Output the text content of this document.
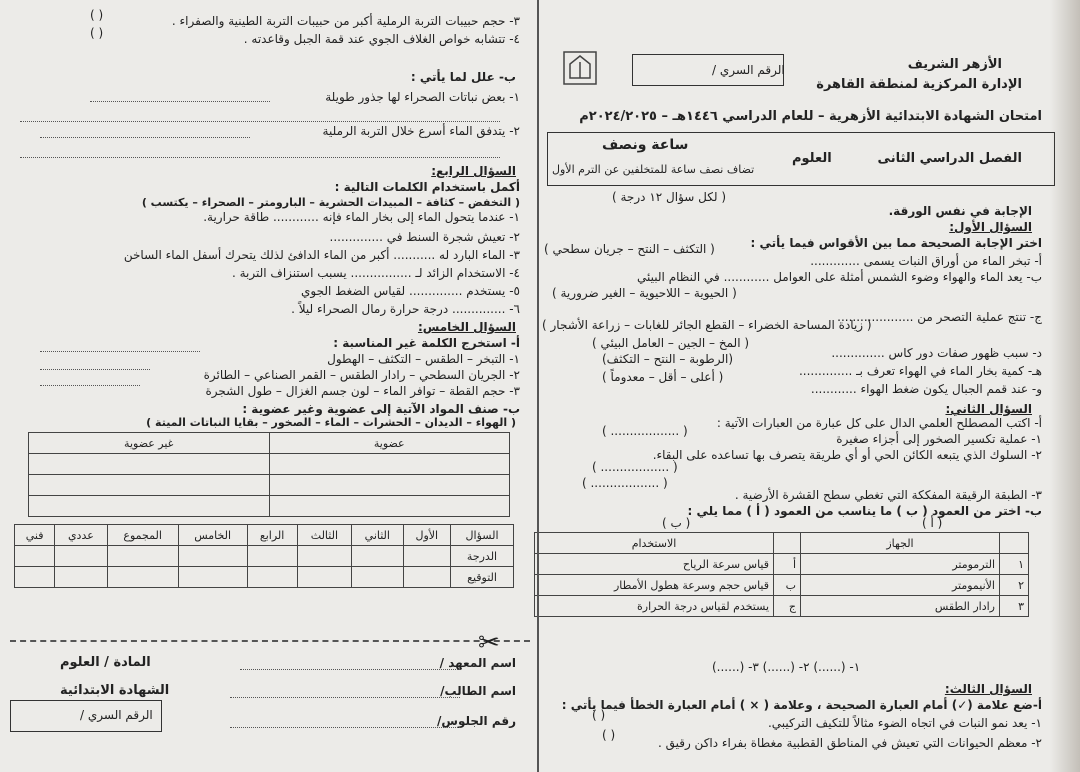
الأزهر الشريف
الإدارة المركزية لمنطقة القاهرة
الرقم السري /
امتحان الشهادة الابتدائية الأزهرية – للعام الدراسي ١٤٤٦هـ – ٢٠٢٤/٢٠٢٥م
الفصل الدراسي الثانى
العلوم
ساعة ونصف
تضاف نصف ساعة للمتخلفين عن الترم الأول
( لكل سؤال ١٢ درجة )
الإجابة في نفس الورقة.
السؤال الأول:
اختر الإجابة الصحيحة مما بين الأقواس فيما يأتي :
( التكثف – النتح – جريان سطحي )
أ- تبخر الماء من أوراق النبات يسمى .............
ب- يعد الماء والهواء وضوء الشمس أمثلة على العوامل ............ في النظام البيئي
( الحيوية – اللاحيوية – الغير ضرورية )
ج- تنتج عملية التصحر من ....................
( زيادة المساحة الخضراء – القطع الجائر للغابات – زراعة الأشجار )
( المخ – الجين – العامل البيئي )
د- سبب ظهور صفات دور كاس ..............
(الرطوبة – النتح – التكثف)
هـ- كمية بخار الماء في الهواء تعرف بـ ..............
( أعلى – أقل – معدوماً )
و- عند قمم الجبال يكون ضغط الهواء ............
السؤال الثاني:
أ- اكتب المصطلح العلمي الدال على كل عبارة من العبارات الآتية :
١- عملية تكسير الصخور إلى أجزاء صغيرة
( .................. )
٢- السلوك الذي يتبعه الكائن الحي أو أي طريقة يتصرف بها تساعده على البقاء.
( .................. )
( .................. )
٣- الطبقة الرقيقة المفككة التي تغطي سطح القشرة الأرضية .
ب- اختر من العمود ( ب ) ما يناسب من العمود ( أ ) مما يلي :
( ب )	( أ )
	الجهاز		الاستخدام
١	الترمومتر	أ	قياس سرعة الرياح
٢	الأنيمومتر	ب	قياس حجم وسرعة هطول الأمطار
٣	رادار الطقس	ج	يستخدم لقياس درجة الحرارة
١- (......) ٢- (......) ٣- (......)
السؤال الثالث:
أ-ضع علامة (✓) أمام العبارة الصحيحة ، وعلامة ( × ) أمام العبارة الخطأ فيما يأتي :
١- يعد نمو النبات في اتجاه الضوء مثالاً للتكيف التركيبي.
( )
٢- معظم الحيوانات التي تعيش في المناطق القطبية مغطاة بفراء داكن رقيق .
( )
٣- حجم حبيبات التربة الرملية أكبر من حبيبات التربة الطينية والصفراء .
( )
٤- تتشابه خواص الغلاف الجوي عند قمة الجبل وقاعدته .
( )
ب- علل لما يأتي :
١- بعض نباتات الصحراء لها جذور طويلة
٢- يتدفق الماء أسرع خلال التربة الرملية
السؤال الرابع:
أكمل باستخدام الكلمات التالية :
( التخفض – كثافة – المبيدات الحشرية – البارومتر – الصحراء – يكتسب )
١- عندما يتحول الماء إلى بخار الماء فإنه ............ طاقة حرارية.
٢- تعيش شجرة السنط في ..............
٣- الماء البارد له ........... أكبر من الماء الدافئ لذلك يتحرك أسفل الماء الساخن
٤- الاستخدام الزائد لـ ................ يسبب استنزاف التربة .
٥- يستخدم .............. لقياس الضغط الجوي
٦- .............. درجة حرارة رمال الصحراء ليلاً .
السؤال الخامس:
أ- استخرج الكلمة غير المناسبة :
١- التبخر – الطقس – التكثف – الهطول
٢- الجريان السطحي – رادار الطقس – القمر الصناعي – الطائرة
٣- حجم القطة – توافر الماء – لون جسم الغزال – طول الشجرة
ب- صنف المواد الآتية إلى عضوية وغير عضوية :
( الهواء – الديدان – الحشرات – الماء – الصخور – بقايا النباتات الميتة )
عضوية	غير عضوية

السؤال	الأول	الثاني	الثالث	الرابع	الخامس	المجموع	عددي	فني
الدرجة								
التوقيع								
✂
اسم المعهد /
اسم الطالب/
رقم الجلوس/
المادة / العلوم
الشهادة الابتدائية
الرقم السري /
